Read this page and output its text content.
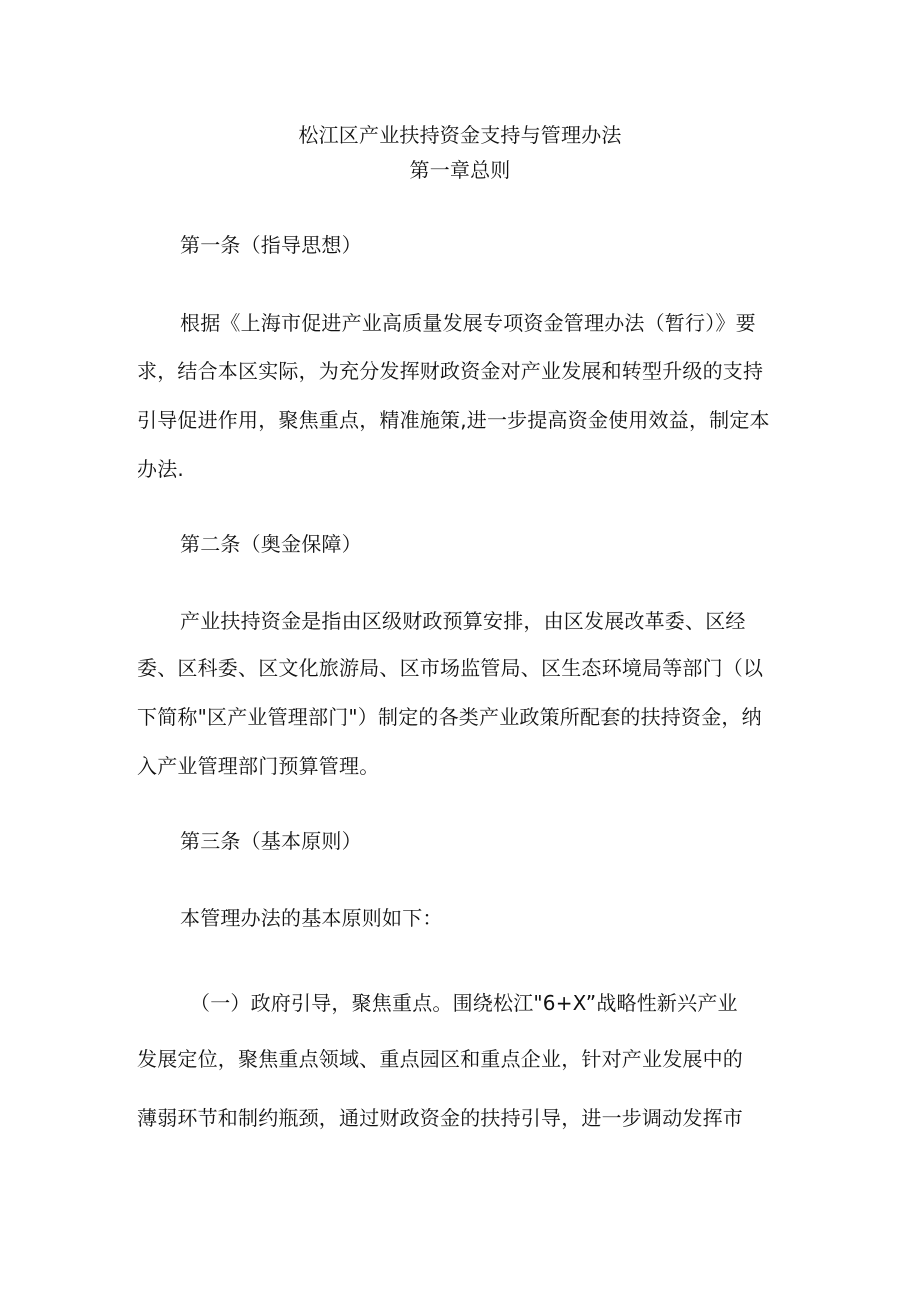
松江区产业扶持资金支持与管理办法
第一章总则
第一条（指导思想）
根据《上海市促进产业高质量发展专项资金管理办法（暂行）》要
求，结合本区实际，为充分发挥财政资金对产业发展和转型升级的支持
引导促进作用，聚焦重点，精准施策,进一步提高资金使用效益，制定本
办法.
第二条（奥金保障）
产业扶持资金是指由区级财政预算安排，由区发展改革委、区经
委、区科委、区文化旅游局、区市场监管局、区生态环境局等部门（以
下简称"区产业管理部门"）制定的各类产业政策所配套的扶持资金，纳
入产业管理部门预算管理。
第三条（基本原则）
本管理办法的基本原则如下：
（一）政府引导，聚焦重点。围绕松江"6+X”战略性新兴产业
发展定位，聚焦重点领域、重点园区和重点企业，针对产业发展中的
薄弱环节和制约瓶颈，通过财政资金的扶持引导，进一步调动发挥市
